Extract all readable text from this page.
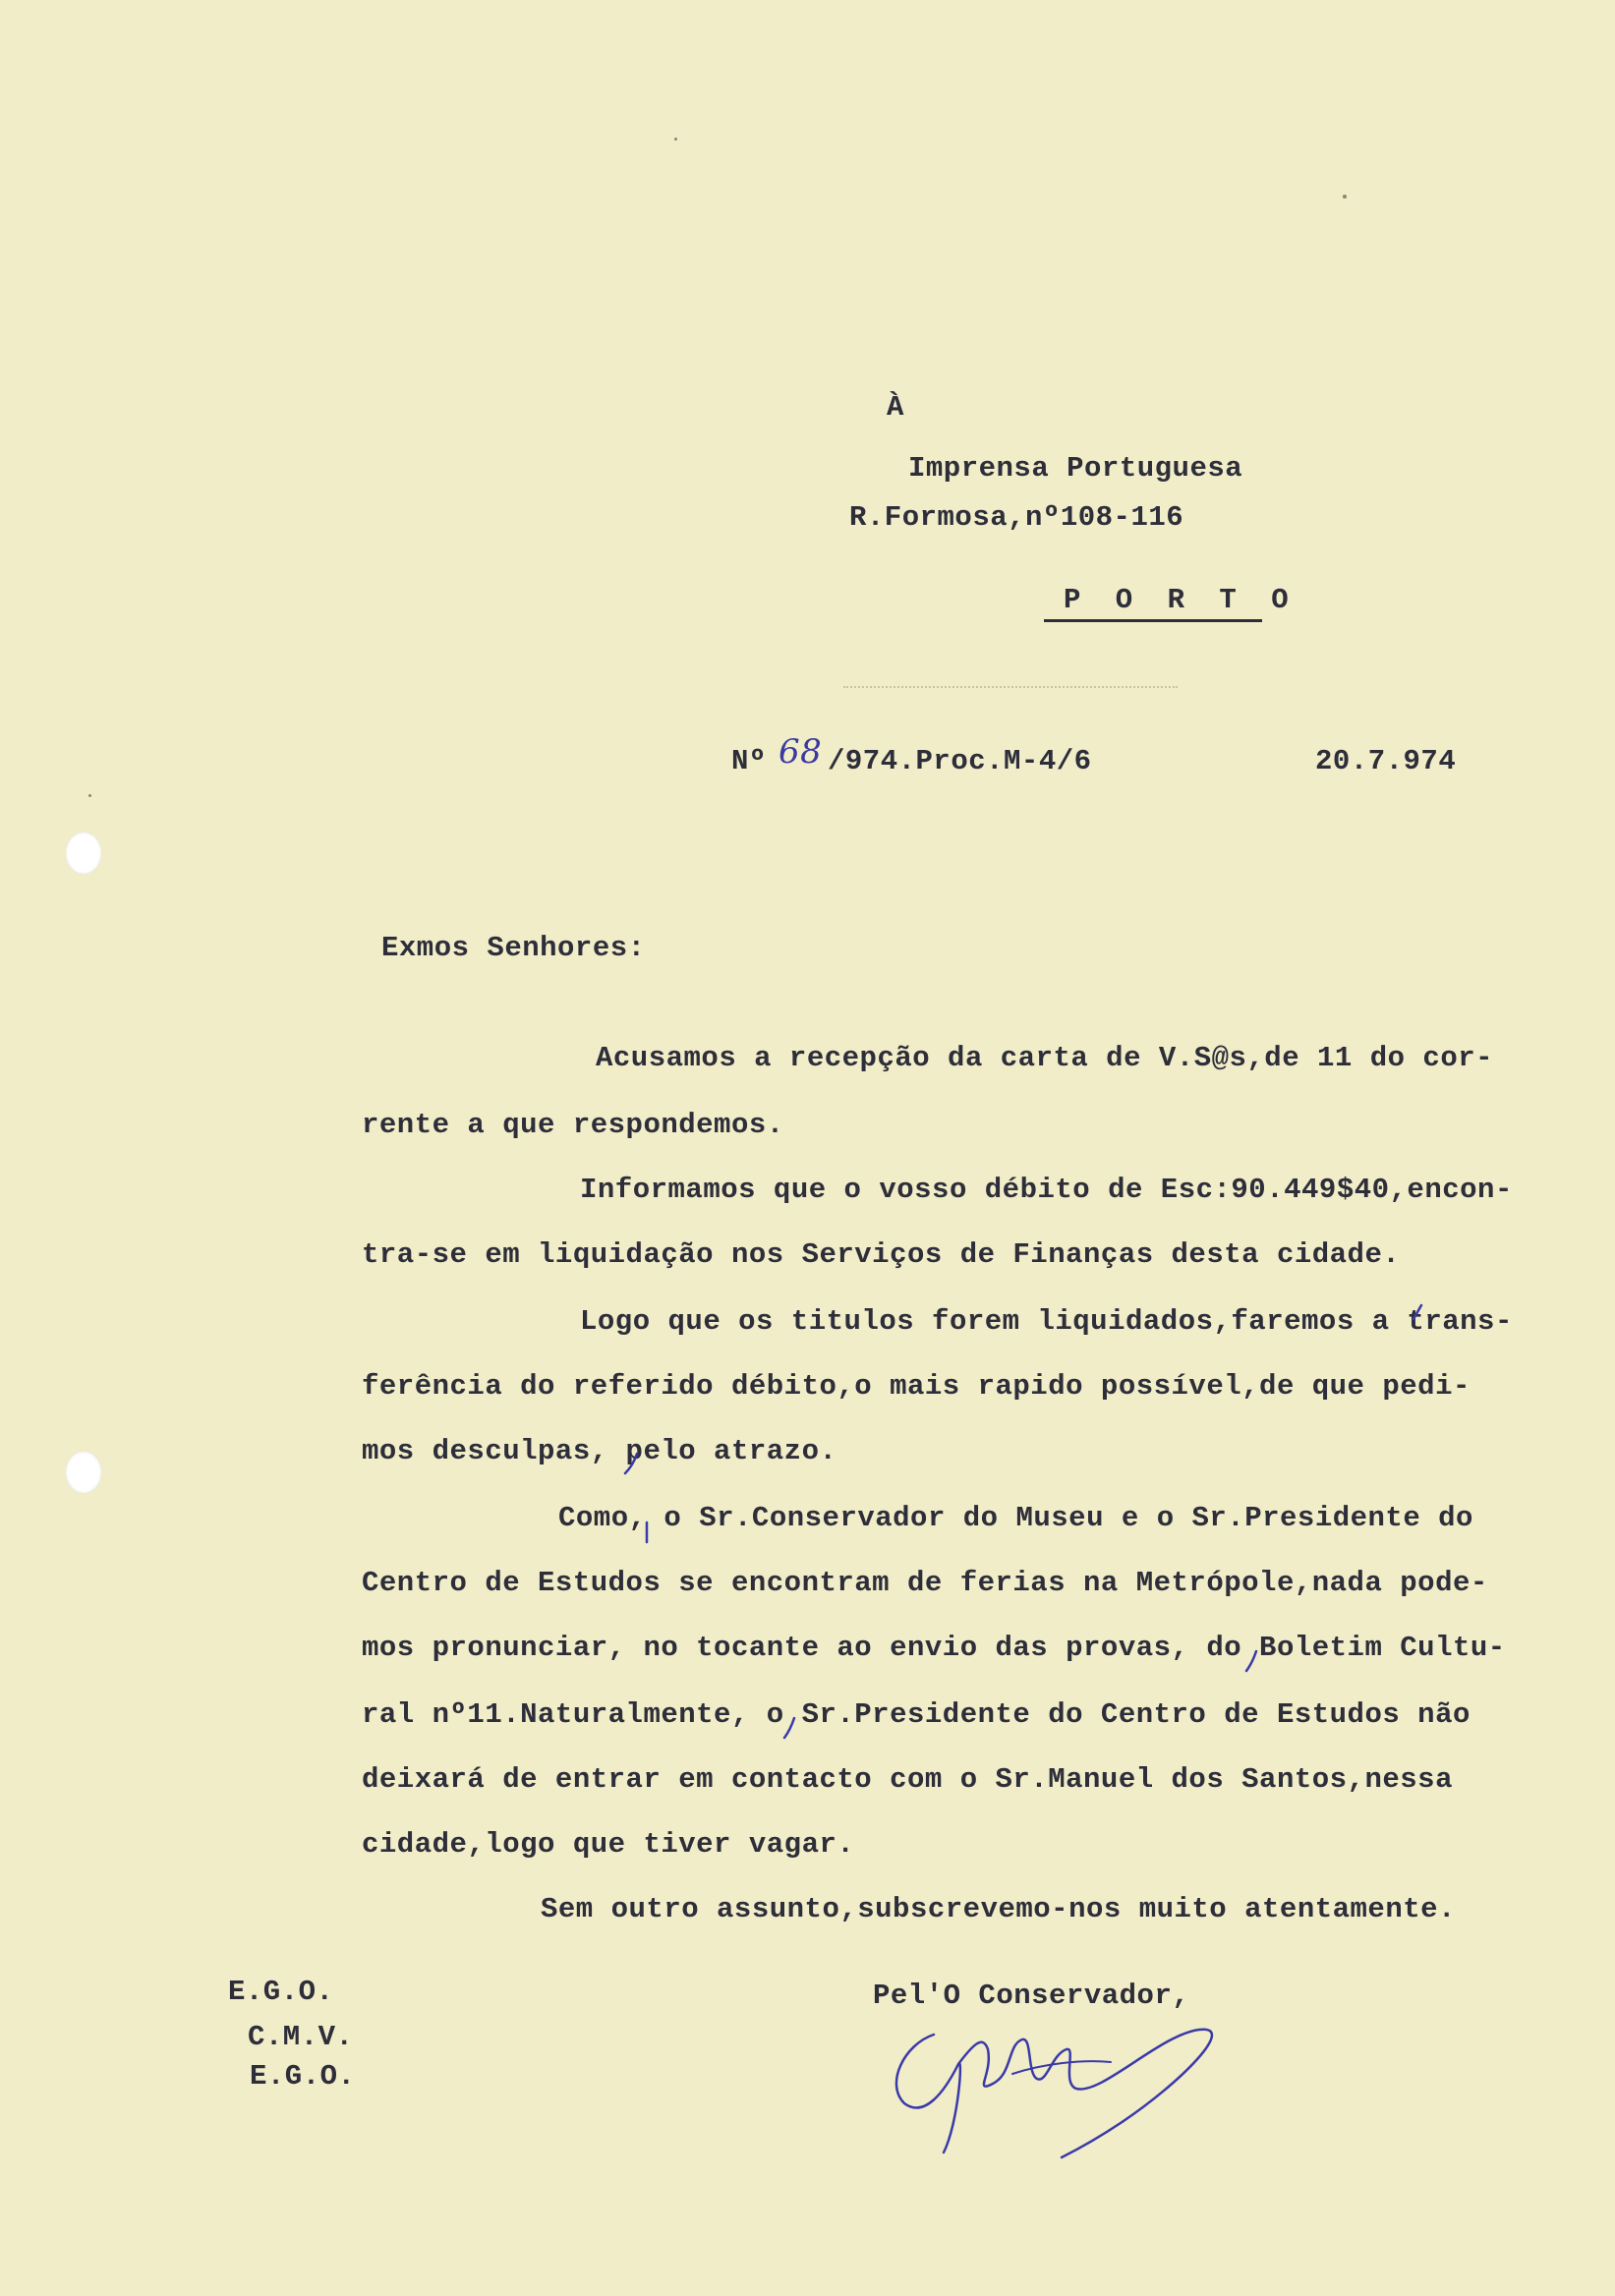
À
Imprensa Portuguesa
R.Formosa,nº108-116
P O R T O
Nº 68 /974.Proc.M-4/6	20.7.974
Exmos Senhores:
Acusamos a recepção da carta de V.S@s,de 11 do cor-
rente a que respondemos.
Informamos que o vosso débito de Esc:90.449$40,encon-
tra-se em liquidação nos Serviços de Finanças desta cidade.
Logo que os titulos forem liquidados,faremos a trans-
ferência do referido débito,o mais rapido possível,de que pedi-
mos desculpas, pelo atrazo.
Como, o Sr.Conservador do Museu e o Sr.Presidente do
Centro de Estudos se encontram de ferias na Metrópole,nada pode-
mos pronunciar, no tocante ao envio das provas, do Boletim Cultu-
ral nº11.Naturalmente, o Sr.Presidente do Centro de Estudos não
deixará de entrar em contacto com o Sr.Manuel dos Santos,nessa
cidade,logo que tiver vagar.
Sem outro assunto,subscrevemo-nos muito atentamente.
E.G.O.
C.M.V.
E.G.O.
Pel'O Conservador,
